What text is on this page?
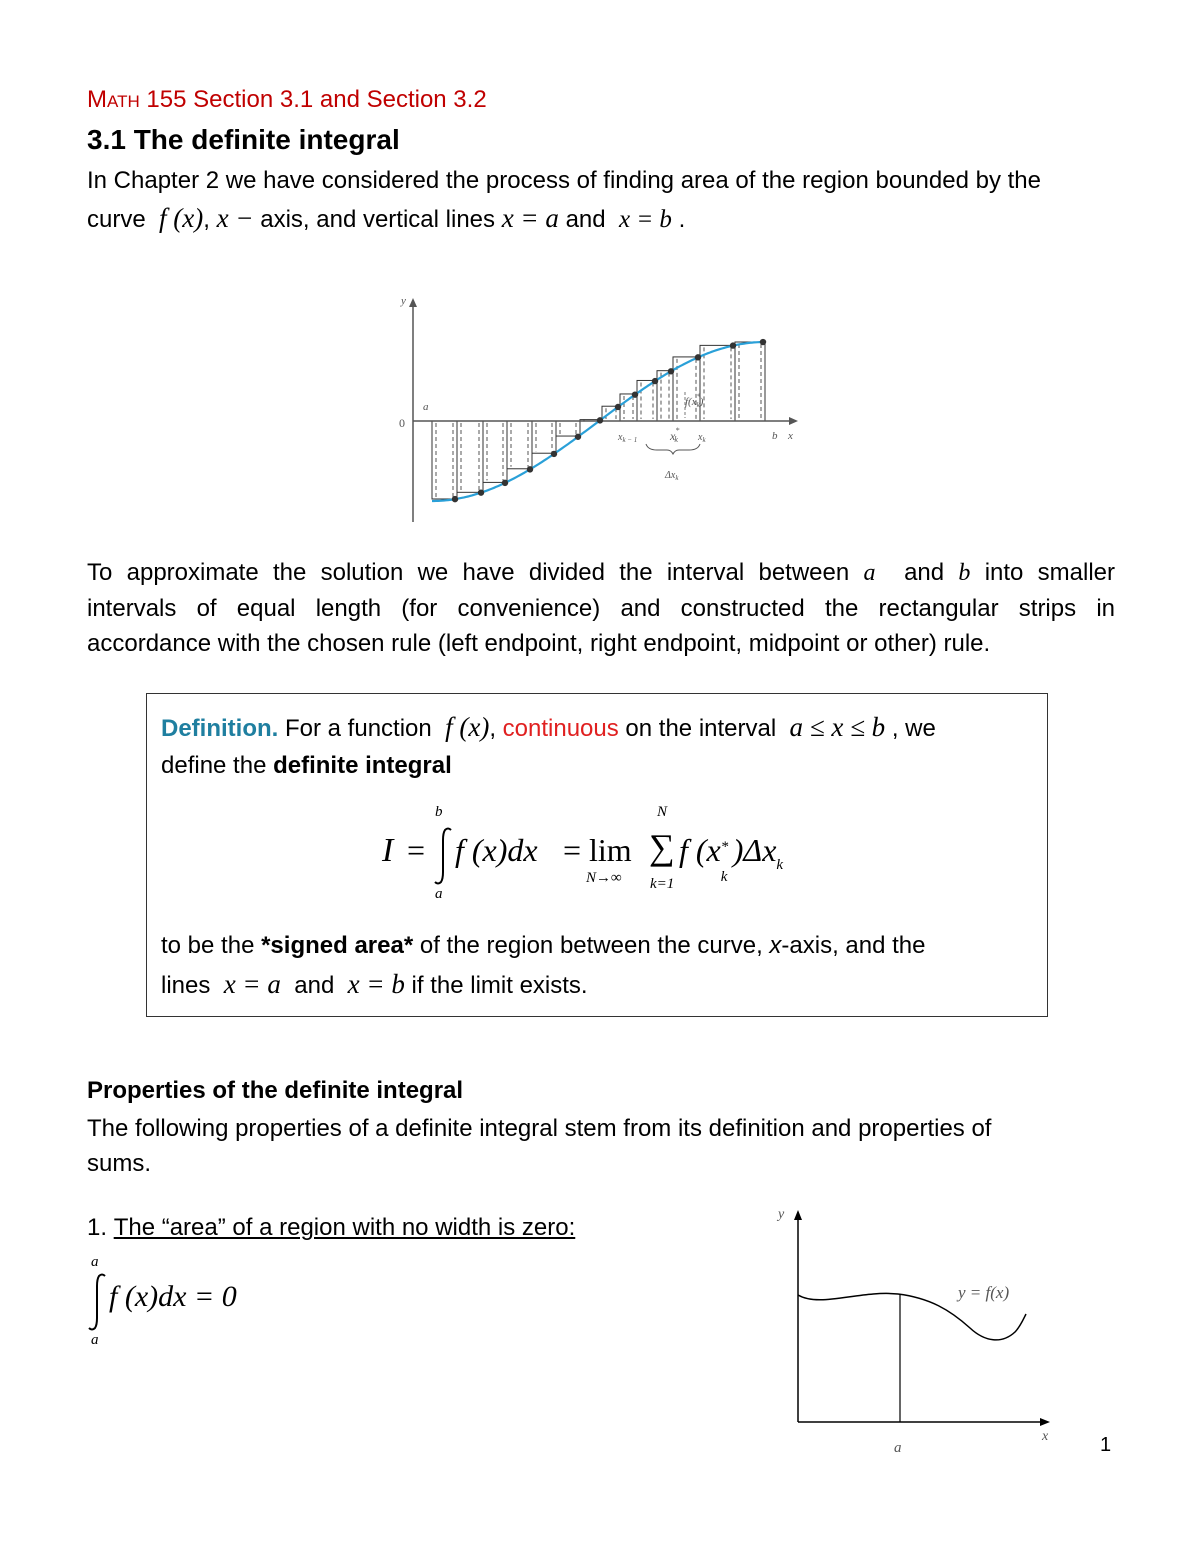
MATH 155 Section 3.1 and Section 3.2
3.1 The definite integral
In Chapter 2 we have considered the process of finding area of the region bounded by the
curve f (x), x − axis, and vertical lines x = a and x = b .
y
0
a
b x
$x_{k - 1}$	x* k $x_k$
f(x* k)
$\Delta x_k$
To approximate the solution we have divided the interval between a and b into smaller
intervals of equal length (for convenience) and constructed the rectangular strips in
accordance with the chosen rule (left endpoint, right endpoint, midpoint or other) rule.
Definition. For a function f (x), continuous on the interval a ≤ x ≤ b , we
define the definite integral
I =
b
a
f (x)dx = lim
N→∞
N
∑
k=1
f (x *
k
)$\Delta x_k$
to be the *signed area* of the region between the curve, x-axis, and the
lines x = a and x = b if the limit exists.
Properties of the definite integral
The following properties of a definite integral stem from its definition and properties of
sums.
1. The “area” of a region with no width is zero:
a
a
f (x)dx = 0
y
x
a
y = f(x)
1
